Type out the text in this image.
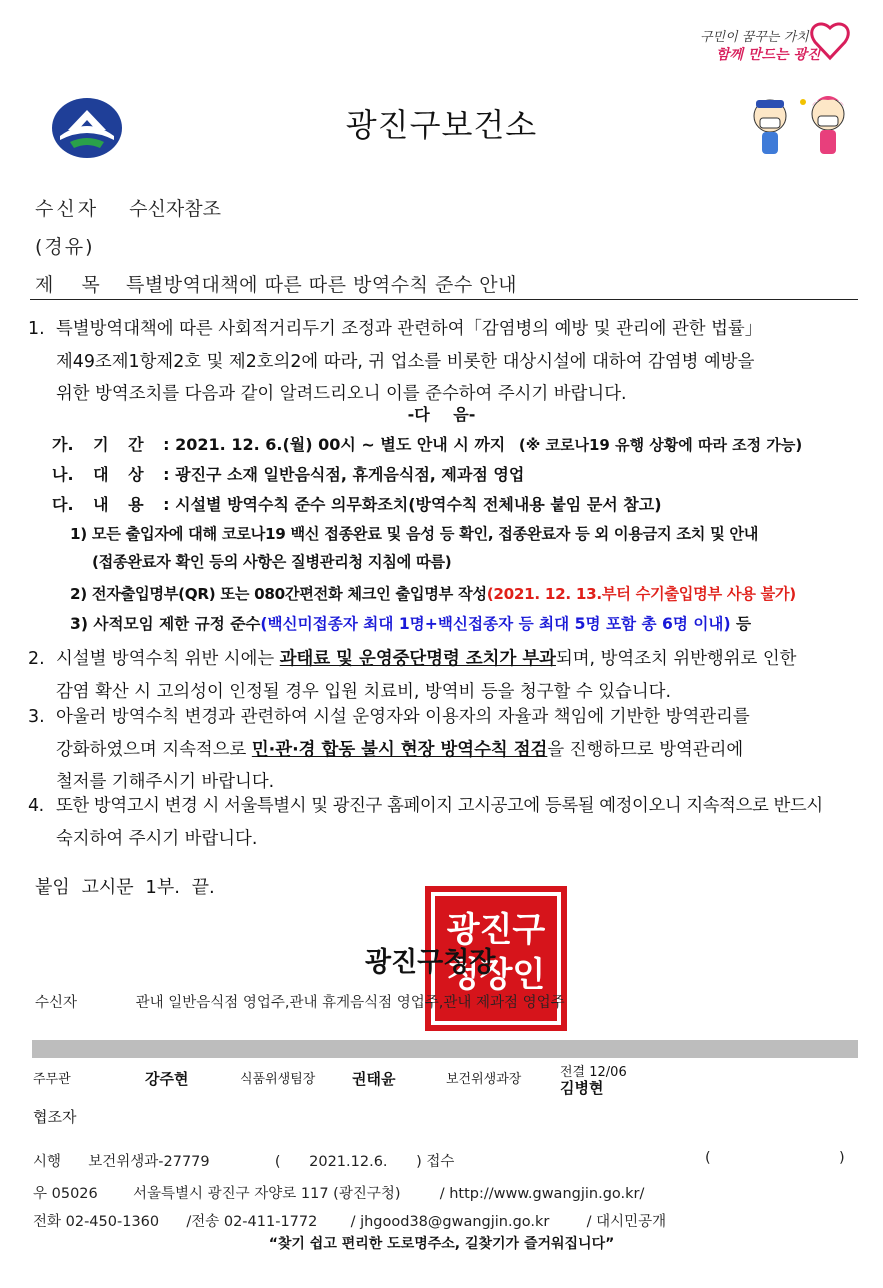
구민이 꿈꾸는 가치
함께 만드는 광진
광진구보건소
수신자 수신자참조
(경유)
제 목 특별방역대책에 따른 따른 방역수칙 준수 안내
1. 특별방역대책에 따른 사회적거리두기 조정과 관련하여「감염병의 예방 및 관리에 관한 법률」
제49조제1항제2호 및 제2호의2에 따라, 귀 업소를 비롯한 대상시설에 대하여 감염병 예방을
위한 방역조치를 다음과 같이 알려드리오니 이를 준수하여 주시기 바랍니다.
-다 음-
가. 기 간 : 2021. 12. 6.(월) 00시 ~ 별도 안내 시 까지 (※ 코로나19 유행 상황에 따라 조정 가능)
나. 대 상 : 광진구 소재 일반음식점, 휴게음식점, 제과점 영업
다. 내 용 : 시설별 방역수칙 준수 의무화조치(방역수칙 전체내용 붙임 문서 참고)
1) 모든 출입자에 대해 코로나19 백신 접종완료 및 음성 등 확인, 접종완료자 등 외 이용금지 조치 및 안내
(접종완료자 확인 등의 사항은 질병관리청 지침에 따름)
2) 전자출입명부(QR) 또는 080간편전화 체크인 출입명부 작성(2021. 12. 13.부터 수기출입명부 사용 불가)
3) 사적모임 제한 규정 준수(백신미접종자 최대 1명+백신접종자 등 최대 5명 포함 총 6명 이내) 등
2. 시설별 방역수칙 위반 시에는 과태료 및 운영중단명령 조치가 부과되며, 방역조치 위반행위로 인한
감염 확산 시 고의성이 인정될 경우 입원 치료비, 방역비 등을 청구할 수 있습니다.
3. 아울러 방역수칙 변경과 관련하여 시설 운영자와 이용자의 자율과 책임에 기반한 방역관리를
강화하였으며 지속적으로 민·관·경 합동 불시 현장 방역수칙 점검을 진행하므로 방역관리에
철저를 기해주시기 바랍니다.
4. 또한 방역고시 변경 시 서울특별시 및 광진구 홈페이지 고시공고에 등록될 예정이오니 지속적으로 반드시
숙지하여 주시기 바랍니다.
붙임 고시문 1부. 끝.
광진구
청장인
광진구청장
수신자	관내 일반음식점 영업주,관내 휴게음식점 영업주,관내 제과점 영업주
주무관	강주현	식품위생팀장 권태윤	보건위생과장	전결 12/06
김병현
협조자
시행 보건위생과-27779	( 2021.12.6. ) 접수	(	)
우 05026 서울특별시 광진구 자양로 117 (광진구청)	/ http://www.gwangjin.go.kr/
전화 02-450-1360 /전송 02-411-1772 / jhgood38@gwangjin.go.kr	/ 대시민공개
“찾기 쉽고 편리한 도로명주소, 길찾기가 즐거워집니다”
